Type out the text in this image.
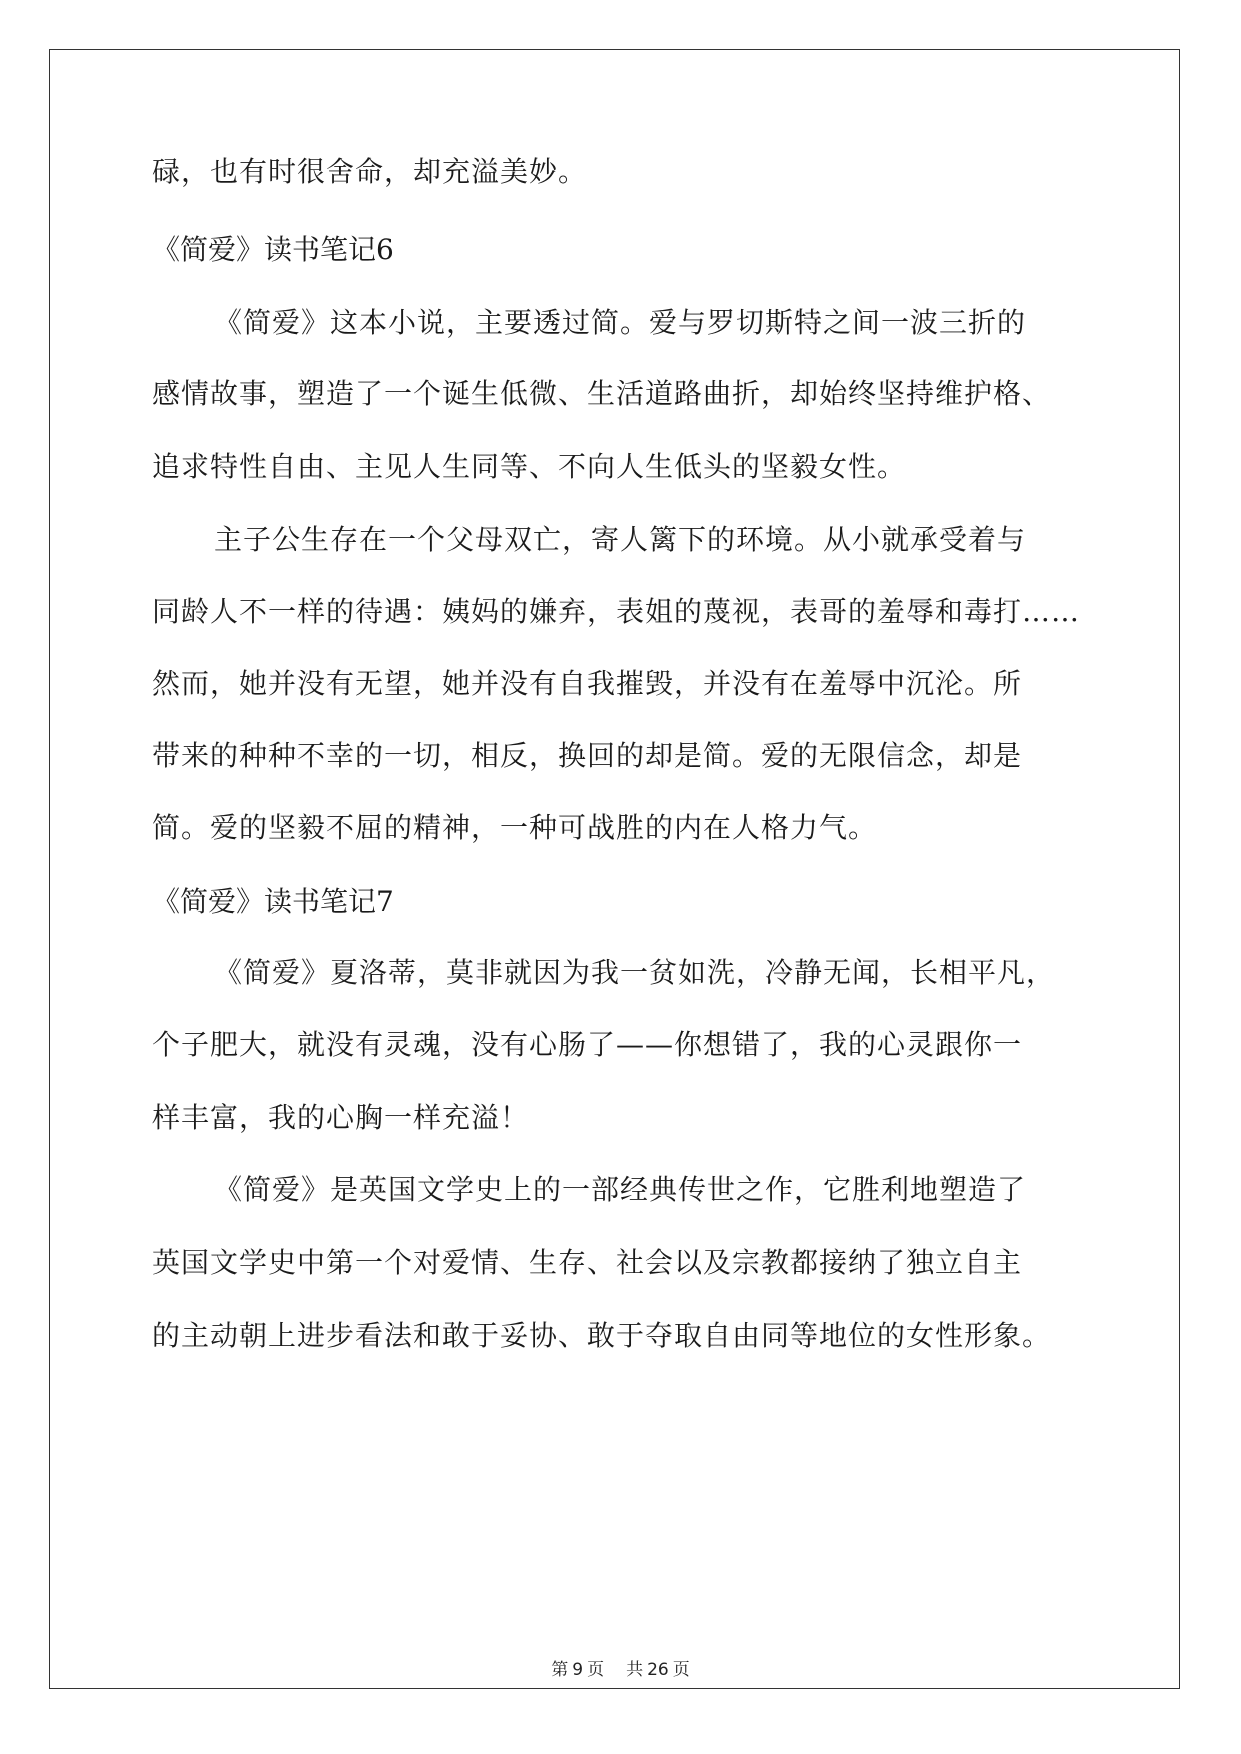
碌，也有时很舍命，却充溢美妙。
《简爱》读书笔记6
《简爱》这本小说，主要透过简。爱与罗切斯特之间一波三折的
感情故事，塑造了一个诞生低微、生活道路曲折，却始终坚持维护格、
追求特性自由、主见人生同等、不向人生低头的坚毅女性。
主子公生存在一个父母双亡，寄人篱下的环境。从小就承受着与
同龄人不一样的待遇：姨妈的嫌弃，表姐的蔑视，表哥的羞辱和毒打……
然而，她并没有无望，她并没有自我摧毁，并没有在羞辱中沉沦。所
带来的种种不幸的一切，相反，换回的却是简。爱的无限信念，却是
简。爱的坚毅不屈的精神，一种可战胜的内在人格力气。
《简爱》读书笔记7
《简爱》夏洛蒂，莫非就因为我一贫如洗，冷静无闻，长相平凡，
个子肥大，就没有灵魂，没有心肠了——你想错了，我的心灵跟你一
样丰富，我的心胸一样充溢！
《简爱》是英国文学史上的一部经典传世之作，它胜利地塑造了
英国文学史中第一个对爱情、生存、社会以及宗教都接纳了独立自主
的主动朝上进步看法和敢于妥协、敢于夺取自由同等地位的女性形象。
第 9 页 共 26 页
